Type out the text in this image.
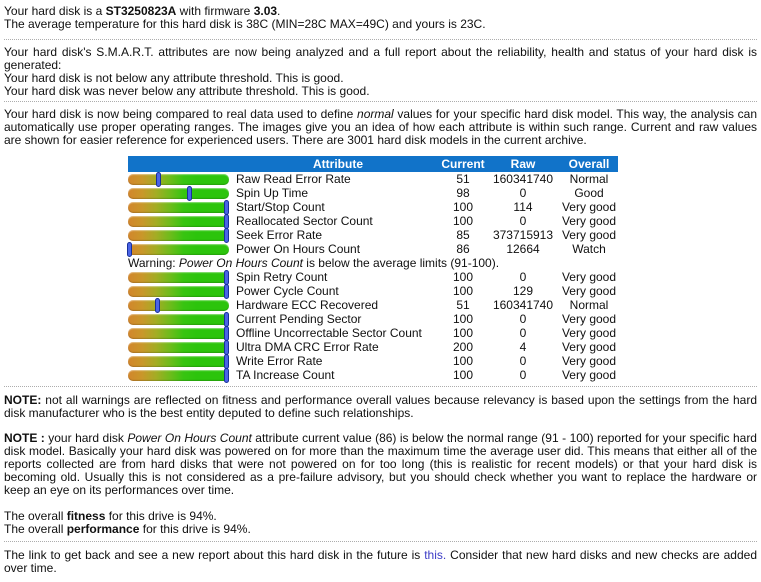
Your hard disk is a ST3250823A with firmware 3.03.
The average temperature for this hard disk is 38C (MIN=28C MAX=49C) and yours is 23C.

Your hard disk's S.M.A.R.T. attributes are now being analyzed and a full report about the reliability, health and status of your hard disk is generated:
Your hard disk is not below any attribute threshold. This is good.
Your hard disk was never below any attribute threshold. This is good.

Your hard disk is now being compared to real data used to define normal values for your specific hard disk model. This way, the analysis can automatically use proper operating ranges. The images give you an idea of how each attribute is within such range. Current and raw values are shown for easier reference for experienced users. There are 3001 hard disk models in the current archive.

	Attribute	Current	Raw	Overall

	Raw Read Error Rate	51	160341740	Normal

	Spin Up Time	98	0	Good

	Start/Stop Count	100	114	Very good

	Reallocated Sector Count	100	0	Very good

	Seek Error Rate	85	373715913	Very good

	Power On Hours Count	86	12664	Watch
Warning: Power On Hours Count is below the average limits (91-100).				

	Spin Retry Count	100	0	Very good

	Power Cycle Count	100	129	Very good

	Hardware ECC Recovered	51	160341740	Normal

	Current Pending Sector	100	0	Very good

	Offline Uncorrectable Sector Count	100	0	Very good

	Ultra DMA CRC Error Rate	200	4	Very good

	Write Error Rate	100	0	Very good

	TA Increase Count	100	0	Very good

NOTE: not all warnings are reflected on fitness and performance overall values because relevancy is based upon the settings from the hard disk manufacturer who is the best entity deputed to define such relationships.

NOTE : your hard disk Power On Hours Count attribute current value (86) is below the normal range (91 - 100) reported for your specific hard disk model. Basically your hard disk was powered on for more than the maximum time the average user did. This means that either all of the reports collected are from hard disks that were not powered on for too long (this is realistic for recent models) or that your hard disk is becoming old. Usually this is not considered as a pre-failure advisory, but you should check whether you want to replace the hardware or keep an eye on its performances over time.

The overall fitness for this drive is 94%.
The overall performance for this drive is 94%.

The link to get back and see a new report about this hard disk in the future is this. Consider that new hard disks and new checks are added over time.
